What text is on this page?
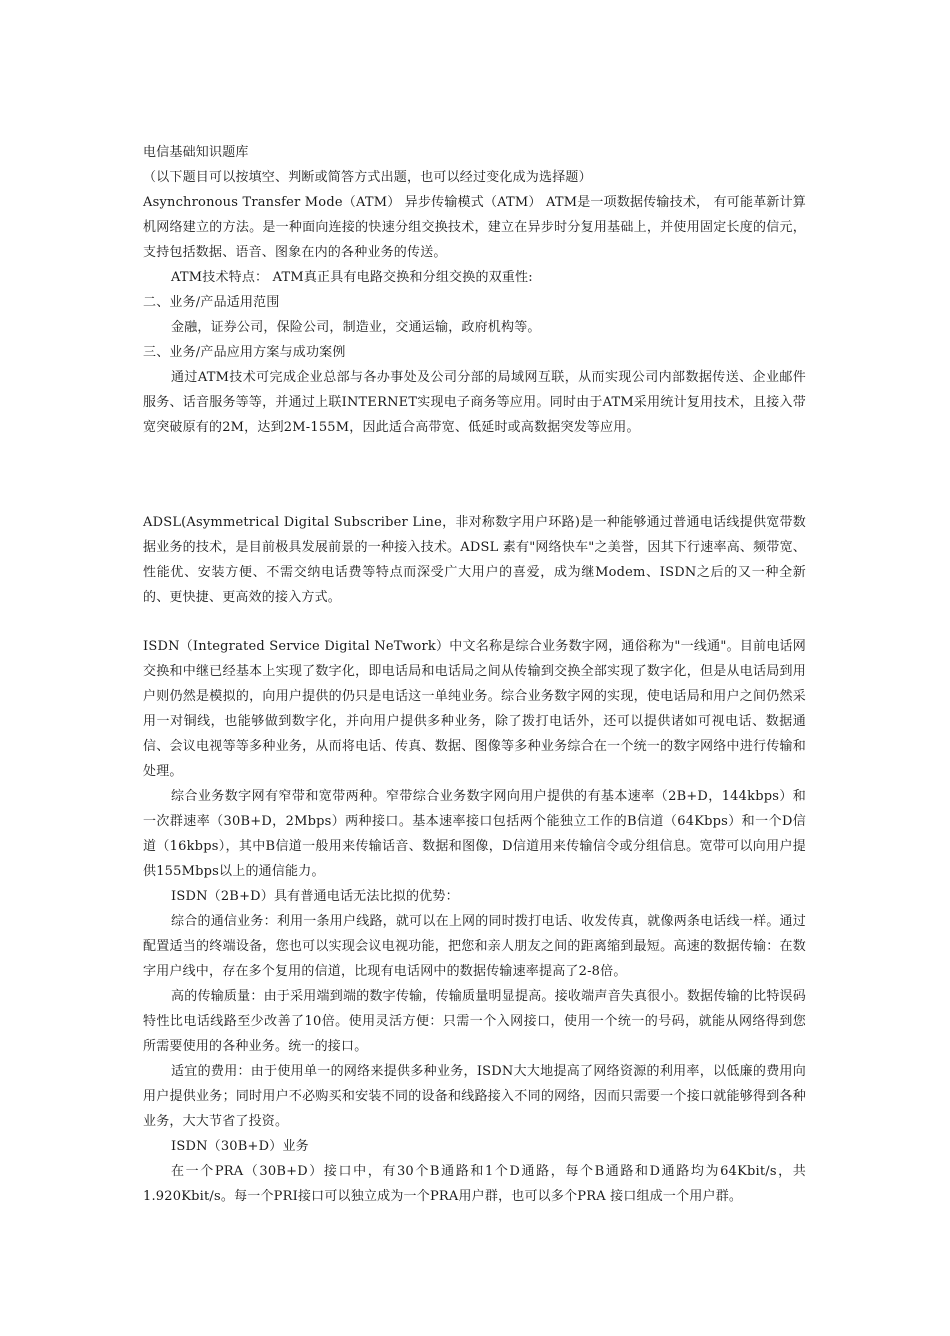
电信基础知识题库

（以下题目可以按填空、判断或简答方式出题，也可以经过变化成为选择题）

Asynchronous Transfer Mode（ATM） 异步传输模式（ATM） ATM是一项数据传输技术， 有可能革新计算机网络建立的方法。是一种面向连接的快速分组交换技术，建立在异步时分复用基础上，并使用固定长度的信元，支持包括数据、语音、图象在内的各种业务的传送。

ATM技术特点： ATM真正具有电路交换和分组交换的双重性:

二、业务/产品适用范围

金融，证券公司，保险公司，制造业，交通运输，政府机构等。

三、业务/产品应用方案与成功案例

通过ATM技术可完成企业总部与各办事处及公司分部的局域网互联，从而实现公司内部数据传送、企业邮件服务、话音服务等等，并通过上联INTERNET实现电子商务等应用。同时由于ATM采用统计复用技术，且接入带宽突破原有的2M，达到2M-155M，因此适合高带宽、低延时或高数据突发等应用。

ADSL(Asymmetrical Digital Subscriber Line，非对称数字用户环路)是一种能够通过普通电话线提供宽带数据业务的技术，是目前极具发展前景的一种接入技术。ADSL 素有"网络快车"之美誉，因其下行速率高、频带宽、性能优、安装方便、不需交纳电话费等特点而深受广大用户的喜爱，成为继Modem、ISDN之后的又一种全新的、更快捷、更高效的接入方式。

ISDN（Integrated Service Digital NeTwork）中文名称是综合业务数字网，通俗称为"一线通"。目前电话网交换和中继已经基本上实现了数字化，即电话局和电话局之间从传输到交换全部实现了数字化，但是从电话局到用户则仍然是模拟的，向用户提供的仍只是电话这一单纯业务。综合业务数字网的实现，使电话局和用户之间仍然采用一对铜线，也能够做到数字化，并向用户提供多种业务，除了拨打电话外，还可以提供诸如可视电话、数据通信、会议电视等等多种业务，从而将电话、传真、数据、图像等多种业务综合在一个统一的数字网络中进行传输和处理。

综合业务数字网有窄带和宽带两种。窄带综合业务数字网向用户提供的有基本速率（2B+D，144kbps）和一次群速率（30B+D，2Mbps）两种接口。基本速率接口包括两个能独立工作的B信道（64Kbps）和一个D信道（16kbps），其中B信道一般用来传输话音、数据和图像，D信道用来传输信令或分组信息。宽带可以向用户提供155Mbps以上的通信能力。

ISDN（2B+D）具有普通电话无法比拟的优势：

综合的通信业务：利用一条用户线路，就可以在上网的同时拨打电话、收发传真，就像两条电话线一样。通过配置适当的终端设备，您也可以实现会议电视功能，把您和亲人朋友之间的距离缩到最短。高速的数据传输：在数字用户线中，存在多个复用的信道，比现有电话网中的数据传输速率提高了2-8倍。

高的传输质量：由于采用端到端的数字传输，传输质量明显提高。接收端声音失真很小。数据传输的比特误码特性比电话线路至少改善了10倍。使用灵活方便：只需一个入网接口，使用一个统一的号码，就能从网络得到您所需要使用的各种业务。统一的接口。

适宜的费用：由于使用单一的网络来提供多种业务，ISDN大大地提高了网络资源的利用率，以低廉的费用向用户提供业务；同时用户不必购买和安装不同的设备和线路接入不同的网络，因而只需要一个接口就能够得到各种业务，大大节省了投资。

ISDN（30B+D）业务

在一个PRA（30B+D）接口中，有30个B通路和1个D通路，每个B通路和D通路均为64Kbit/s，共1.920Kbit/s。每一个PRI接口可以独立成为一个PRA用户群，也可以多个PRA 接口组成一个用户群。
